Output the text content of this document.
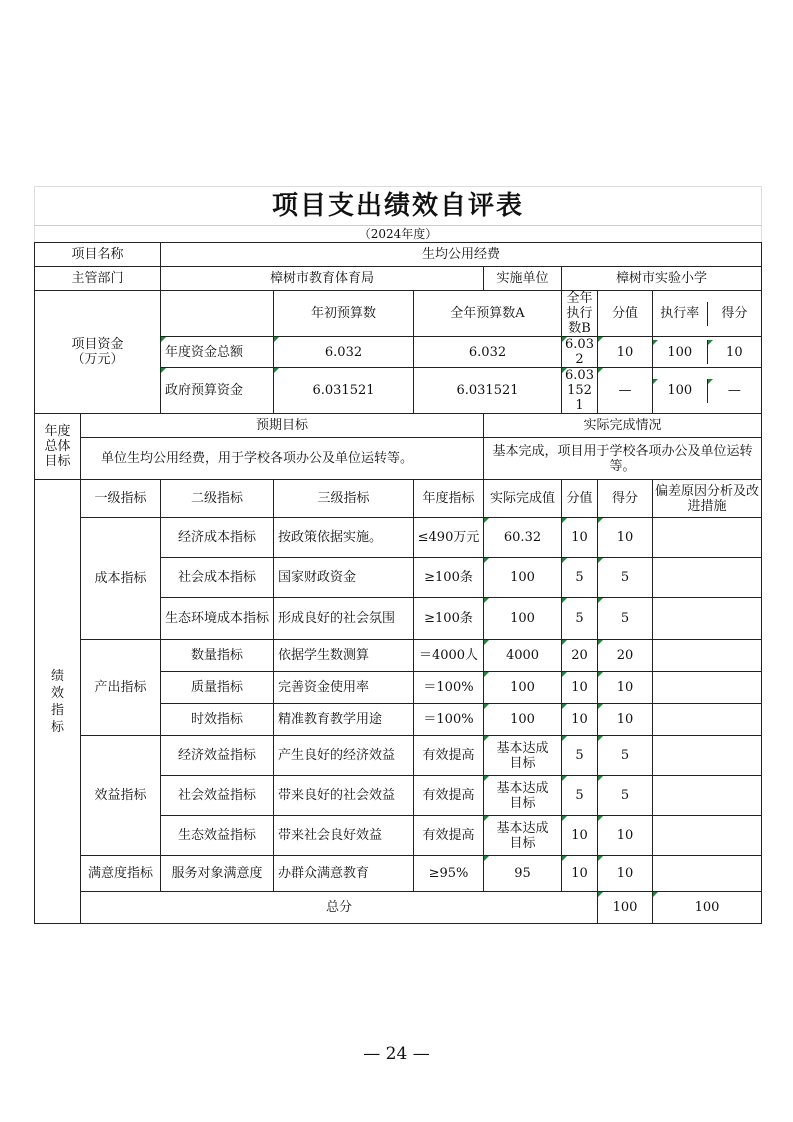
项目支出绩效自评表									
（2024年度）									
项目名称		生均公用经费							
主管部门		樟树市教育体育局			实施单位	樟树市实验小学			
项目资金（万元）			年初预算数	全年预算数A		全年执行数B	分值	执行率 得分	

		年度资金总额	6.032	6.032		6.032	10	100 10	

		政府预算资金	6.031521	6.031521		6.031521	—	100 —	

年度总体目标	预期目标				实际完成情况				
	单位生均公用经费，用于学校各项办公及单位运转等。				基本完成，项目用于学校各项办公及单位运转等。				
绩效指标	一级指标	二级指标	三级指标	年度指标	实际完成值	分值	得分	偏差原因分析及改进措施	
	成本指标	经济成本指标	按政策依据实施。	≤490万元	60.32	10	10		
		社会成本指标	国家财政资金	≥100条	100	5	5		
		生态环境成本指标	形成良好的社会氛围	≥100条	100	5	5		
	产出指标	数量指标	依据学生数测算	＝4000人	4000	20	20		
		质量指标	完善资金使用率	＝100%	100	10	10		
		时效指标	精准教育教学用途	＝100%	100	10	10		
	效益指标	经济效益指标	产生良好的经济效益	有效提高	基本达成目标	5	5		
		社会效益指标	带来良好的社会效益	有效提高	基本达成目标	5	5		
		生态效益指标	带来社会良好效益	有效提高	基本达成目标	10	10		
	满意度指标	服务对象满意度	办群众满意教育	≥95%	95	10	10		
	总分						100	100	
— 24 —
